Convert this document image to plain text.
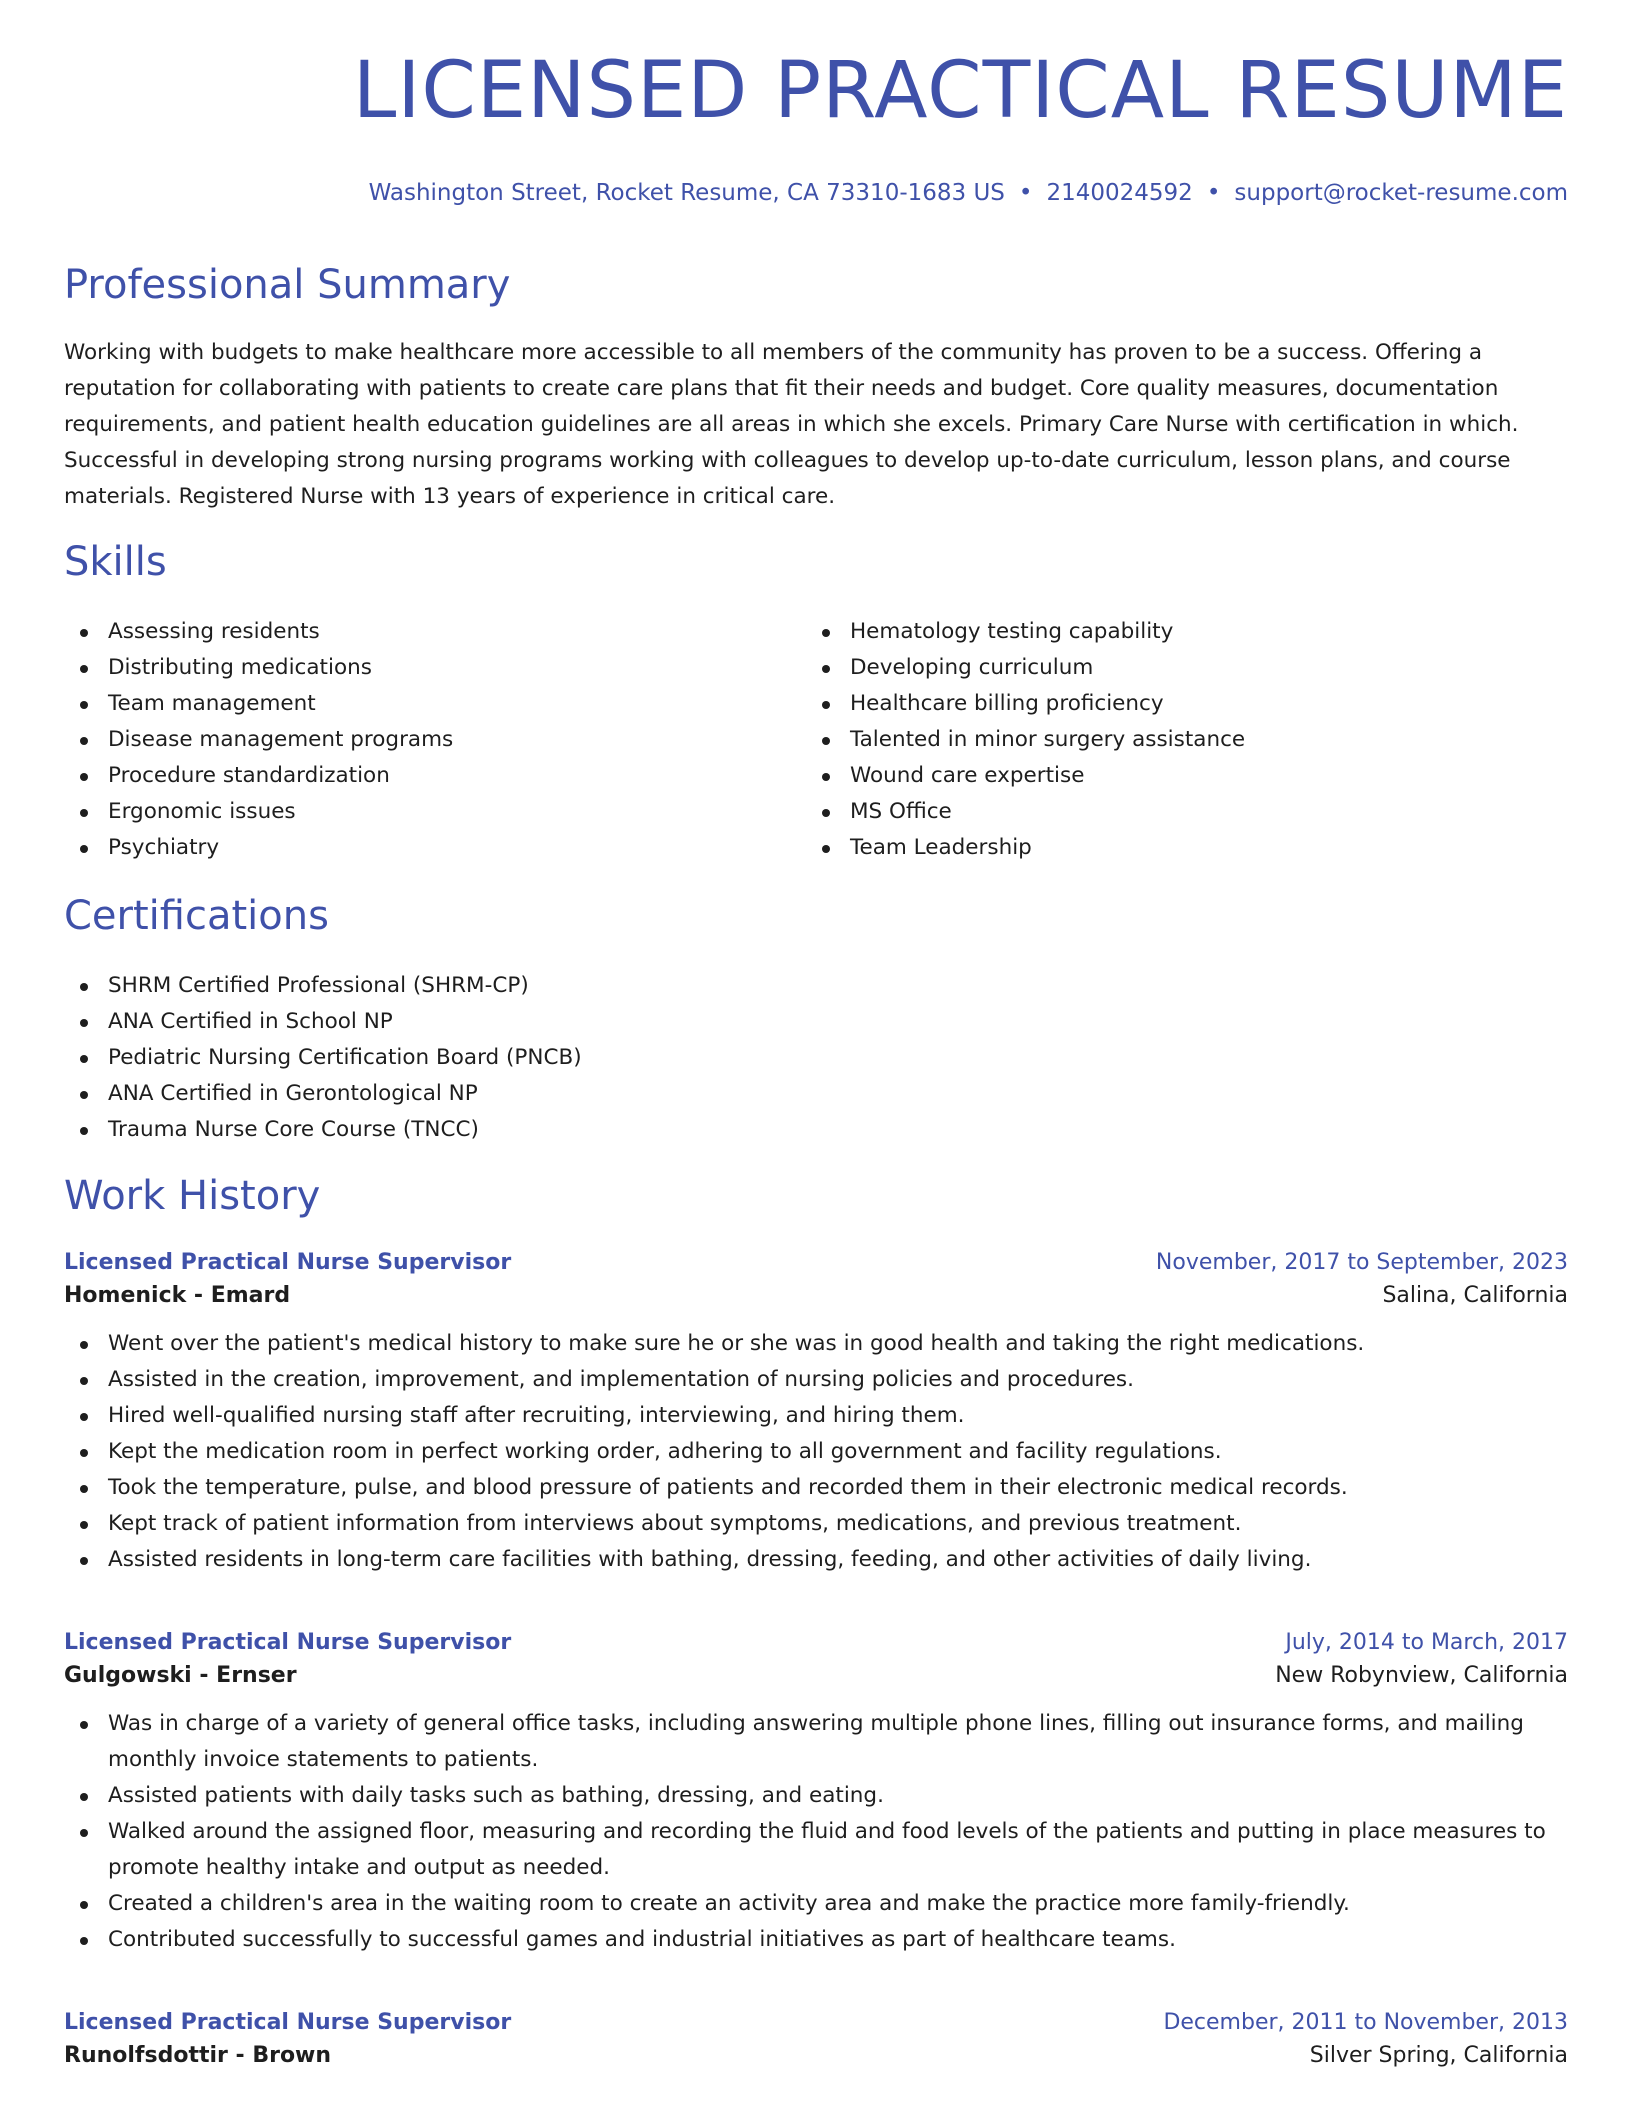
LICENSED PRACTICAL RESUME
Washington Street, Rocket Resume, CA 73310-1683 US • 2140024592 • support@rocket-resume.com
Professional Summary

Working with budgets to make healthcare more accessible to all members of the community has proven to be a success. Offering a reputation for collaborating with patients to create care plans that fit their needs and budget. Core quality measures, documentation requirements, and patient health education guidelines are all areas in which she excels. Primary Care Nurse with certification in which. Successful in developing strong nursing programs working with colleagues to develop up-to-date curriculum, lesson plans, and course materials. Registered Nurse with 13 years of experience in critical care.

Skills
Assessing residents
Distributing medications
Team management
Disease management programs
Procedure standardization
Ergonomic issues
Psychiatry
Hematology testing capability
Developing curriculum
Healthcare billing proficiency
Talented in minor surgery assistance
Wound care expertise
MS Office
Team Leadership
Certifications
SHRM Certified Professional (SHRM-CP)
ANA Certified in School NP
Pediatric Nursing Certification Board (PNCB)
ANA Certified in Gerontological NP
Trauma Nurse Core Course (TNCC)
Work History
Licensed Practical Nurse Supervisor	November, 2017 to September, 2023
Homenick - Emard	Salina, California
Went over the patient's medical history to make sure he or she was in good health and taking the right medications.
Assisted in the creation, improvement, and implementation of nursing policies and procedures.
Hired well-qualified nursing staff after recruiting, interviewing, and hiring them.
Kept the medication room in perfect working order, adhering to all government and facility regulations.
Took the temperature, pulse, and blood pressure of patients and recorded them in their electronic medical records.
Kept track of patient information from interviews about symptoms, medications, and previous treatment.
Assisted residents in long-term care facilities with bathing, dressing, feeding, and other activities of daily living.
Licensed Practical Nurse Supervisor	July, 2014 to March, 2017
Gulgowski - Ernser	New Robynview, California
Was in charge of a variety of general office tasks, including answering multiple phone lines, filling out insurance forms, and mailing monthly invoice statements to patients.
Assisted patients with daily tasks such as bathing, dressing, and eating.
Walked around the assigned floor, measuring and recording the fluid and food levels of the patients and putting in place measures to promote healthy intake and output as needed.
Created a children's area in the waiting room to create an activity area and make the practice more family-friendly.
Contributed successfully to successful games and industrial initiatives as part of healthcare teams.
Licensed Practical Nurse Supervisor	December, 2011 to November, 2013
Runolfsdottir - Brown	Silver Spring, California
